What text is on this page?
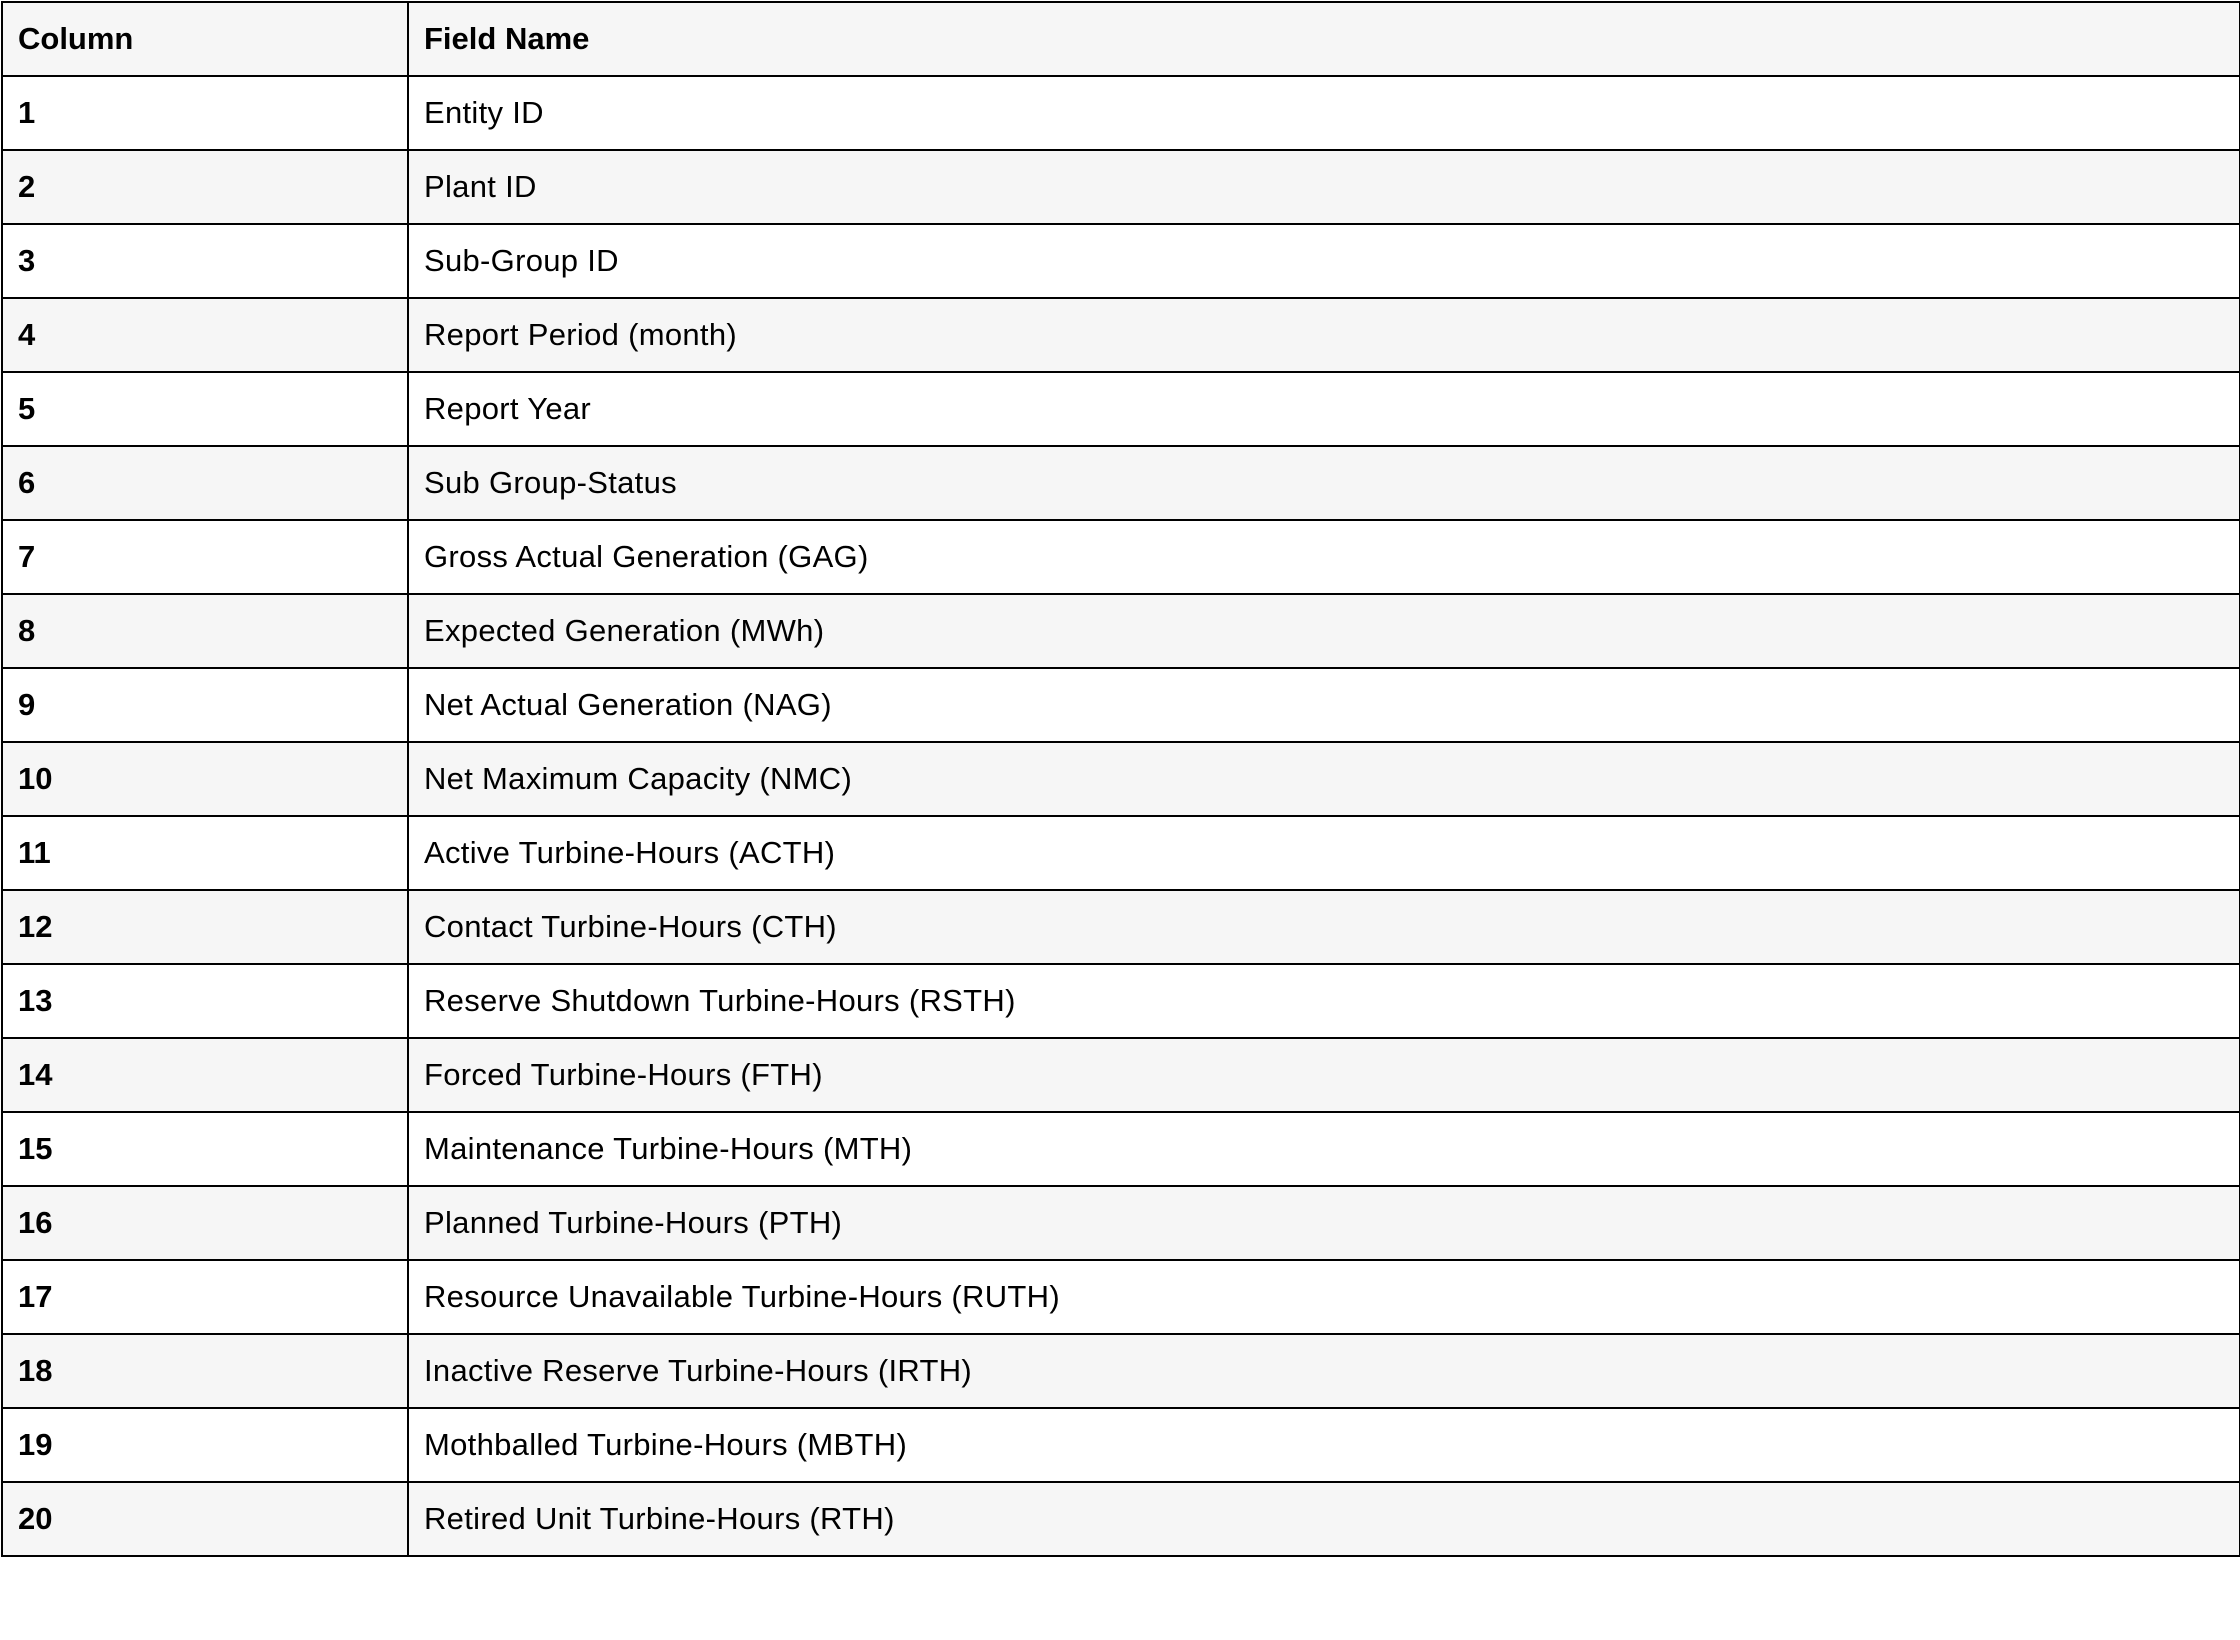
Column	Field Name
1	Entity ID
2	Plant ID
3	Sub-Group ID
4	Report Period (month)
5	Report Year
6	Sub Group-Status
7	Gross Actual Generation (GAG)
8	Expected Generation (MWh)
9	Net Actual Generation (NAG)
10	Net Maximum Capacity (NMC)
11	Active Turbine-Hours (ACTH)
12	Contact Turbine-Hours (CTH)
13	Reserve Shutdown Turbine-Hours (RSTH)
14	Forced Turbine-Hours (FTH)
15	Maintenance Turbine-Hours (MTH)
16	Planned Turbine-Hours (PTH)
17	Resource Unavailable Turbine-Hours (RUTH)
18	Inactive Reserve Turbine-Hours (IRTH)
19	Mothballed Turbine-Hours (MBTH)
20	Retired Unit Turbine-Hours (RTH)
